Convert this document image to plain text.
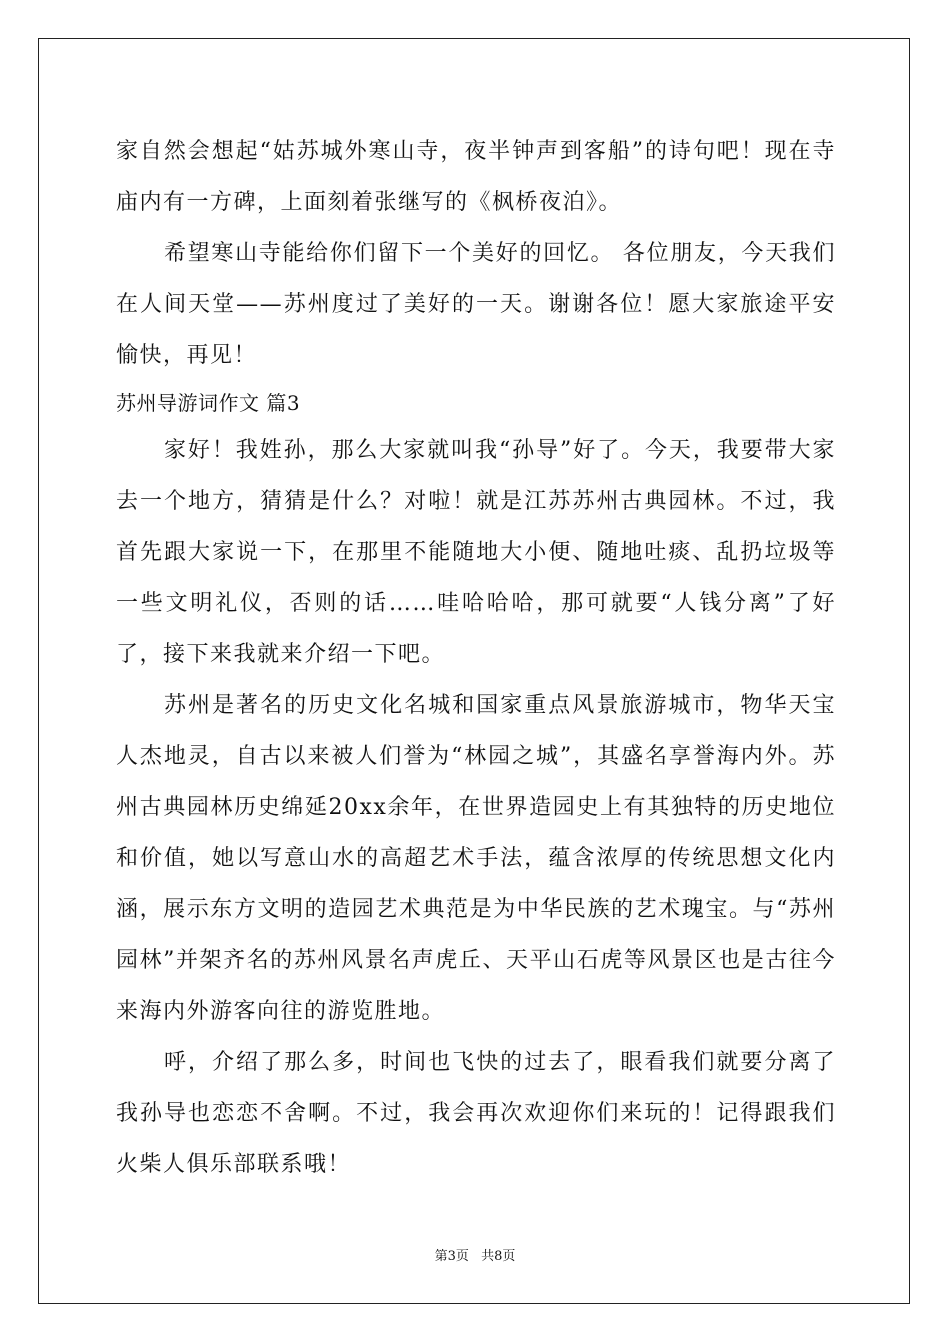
家自然会想起“姑苏城外寒山寺，夜半钟声到客船”的诗句吧！现在寺庙内有一方碑，上面刻着张继写的《枫桥夜泊》。

希望寒山寺能给你们留下一个美好的回忆。 各位朋友，今天我们在人间天堂——苏州度过了美好的一天。谢谢各位！愿大家旅途平安愉快，再见！

苏州导游词作文 篇3

家好！我姓孙，那么大家就叫我“孙导”好了。今天，我要带大家去一个地方，猜猜是什么？对啦！就是江苏苏州古典园林。不过，我首先跟大家说一下，在那里不能随地大小便、随地吐痰、乱扔垃圾等一些文明礼仪，否则的话……哇哈哈哈，那可就要“人钱分离”了好了，接下来我就来介绍一下吧。

苏州是著名的历史文化名城和国家重点风景旅游城市，物华天宝人杰地灵，自古以来被人们誉为“林园之城”，其盛名享誉海内外。苏州古典园林历史绵延20xx余年，在世界造园史上有其独特的历史地位和价值，她以写意山水的高超艺术手法，蕴含浓厚的传统思想文化内涵，展示东方文明的造园艺术典范是为中华民族的艺术瑰宝。与“苏州园林”并架齐名的苏州风景名声虎丘、天平山石虎等风景区也是古往今来海内外游客向往的游览胜地。

呼，介绍了那么多，时间也飞快的过去了，眼看我们就要分离了我孙导也恋恋不舍啊。不过，我会再次欢迎你们来玩的！记得跟我们火柴人俱乐部联系哦！

第3页 共8页
